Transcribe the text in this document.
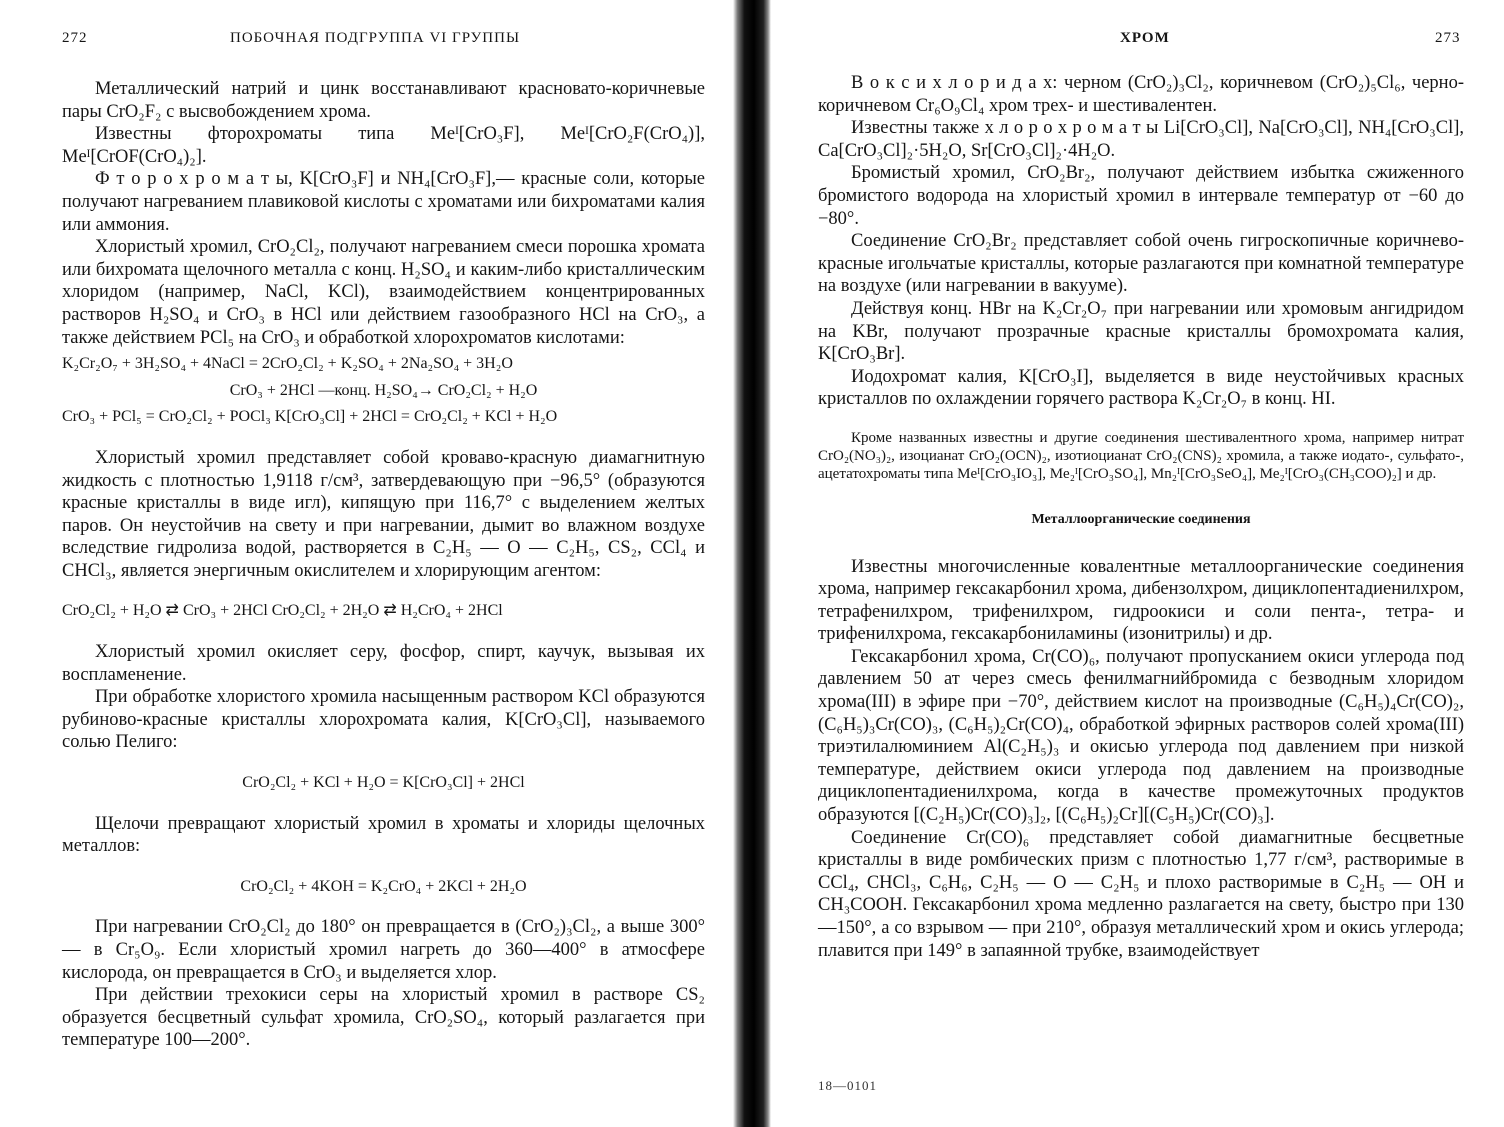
272	ПОБОЧНАЯ ПОДГРУППА VI ГРУППЫ

Металлический натрий и цинк восстанавливают красновато-коричневые пары CrO₂F₂ с высвобождением хрома.

Известны фторохроматы типа Meᴵ[CrO₃F], Meᴵ[CrO₂F(CrO₄)], Meᴵ[CrOF(CrO₄)₂].

Ф т о р о х р о м а т ы, K[CrO₃F] и NH₄[CrO₃F],— красные соли, которые получают нагреванием плавиковой кислоты с хроматами или бихроматами калия или аммония.

Хлористый хромил, CrO₂Cl₂, получают нагреванием смеси порошка хромата или бихромата щелочного металла с конц. H₂SO₄ и каким-либо кристаллическим хлоридом (например, NaCl, KCl), взаимодействием концентрированных растворов H₂SO₄ и CrO₃ в HCl или действием газообразного HCl на CrO₃, а также действием PCl₅ на CrO₃ и обработкой хлорохроматов кислотами:

K₂Cr₂O₇ + 3H₂SO₄ + 4NaCl = 2CrO₂Cl₂ + K₂SO₄ + 2Na₂SO₄ + 3H₂O

CrO₃ + 2HCl —конц. H₂SO₄→ CrO₂Cl₂ + H₂O

CrO₃ + PCl₅ = CrO₂Cl₂ + POCl₃ K[CrO₃Cl] + 2HCl = CrO₂Cl₂ + KCl + H₂O

Хлористый хромил представляет собой кроваво-красную диамагнитную жидкость с плотностью 1,9118 г/см³, затвердевающую при −96,5° (образуются красные кристаллы в виде игл), кипящую при 116,7° с выделением желтых паров. Он неустойчив на свету и при нагревании, дымит во влажном воздухе вследствие гидролиза водой, растворяется в C₂H₅ — O — C₂H₅, CS₂, CCl₄ и CHCl₃, является энергичным окислителем и хлорирующим агентом:

CrO₂Cl₂ + H₂O ⇄ CrO₃ + 2HCl CrO₂Cl₂ + 2H₂O ⇄ H₂CrO₄ + 2HCl

Хлористый хромил окисляет серу, фосфор, спирт, каучук, вызывая их воспламенение.

При обработке хлористого хромила насыщенным раствором KCl образуются рубиново-красные кристаллы хлорохромата калия, K[CrO₃Cl], называемого солью Пелиго:

CrO₂Cl₂ + KCl + H₂O = K[CrO₃Cl] + 2HCl

Щелочи превращают хлористый хромил в хроматы и хлориды щелочных металлов:

CrO₂Cl₂ + 4KOH = K₂CrO₄ + 2KCl + 2H₂O

При нагревании CrO₂Cl₂ до 180° он превращается в (CrO₂)₃Cl₂, а выше 300° — в Cr₅O₉. Если хлористый хромил нагреть до 360—400° в атмосфере кислорода, он превращается в CrO₃ и выделяется хлор.

При действии трехокиси серы на хлористый хромил в растворе CS₂ образуется бесцветный сульфат хромила, CrO₂SO₄, который разлагается при температуре 100—200°.

ХРОМ	273

В о к с и х л о р и д а х: черном (CrO₂)₃Cl₂, коричневом (CrO₂)₅Cl₆, черно-коричневом Cr₆O₉Cl₄ хром трех- и шестивалентен.

Известны также х л о р о х р о м а т ы Li[CrO₃Cl], Na[CrO₃Cl], NH₄[CrO₃Cl], Ca[CrO₃Cl]₂·5H₂O, Sr[CrO₃Cl]₂·4H₂O.

Бромистый хромил, CrO₂Br₂, получают действием избытка сжиженного бромистого водорода на хлористый хромил в интервале температур от −60 до −80°.

Соединение CrO₂Br₂ представляет собой очень гигроскопичные коричнево-красные игольчатые кристаллы, которые разлагаются при комнатной температуре на воздухе (или нагревании в вакууме).

Действуя конц. HBr на K₂Cr₂O₇ при нагревании или хромовым ангидридом на KBr, получают прозрачные красные кристаллы бромохромата калия, K[CrO₃Br].

Иодохромат калия, K[CrO₃I], выделяется в виде неустойчивых красных кристаллов по охлаждении горячего раствора K₂Cr₂O₇ в конц. HI.

Кроме названных известны и другие соединения шестивалентного хрома, например нитрат CrO₂(NO₃)₂, изоцианат CrO₂(OCN)₂, изотиоцианат CrO₂(CNS)₂ хромила, а также иодато-, сульфато-, ацетатохроматы типа Meᴵ[CrO₃IO₃], Me₂ᴵ[CrO₃SO₄], Mn₂ᴵ[CrO₃SeO₄], Me₂ᴵ[CrO₃(CH₃COO)₂] и др.

Металлоорганические соединения

Известны многочисленные ковалентные металлоорганические соединения хрома, например гексакарбонил хрома, дибензолхром, дициклопентадиенилхром, тетрафенилхром, трифенилхром, гидроокиси и соли пента-, тетра- и трифенилхрома, гексакарбониламины (изонитрилы) и др.

Гексакарбонил хрома, Cr(CO)₆, получают пропусканием окиси углерода под давлением 50 ат через смесь фенилмагнийбромида с безводным хлоридом хрома(III) в эфире при −70°, действием кислот на производные (C₆H₅)₄Cr(CO)₂, (C₆H₅)₃Cr(CO)₃, (C₆H₅)₂Cr(CO)₄, обработкой эфирных растворов солей хрома(III) триэтилалюминием Al(C₂H₅)₃ и окисью углерода под давлением при низкой температуре, действием окиси углерода под давлением на производные дициклопентадиенилхрома, когда в качестве промежуточных продуктов образуются [(C₂H₅)Cr(CO)₃]₂, [(C₆H₅)₂Cr][(C₅H₅)Cr(CO)₃].

Соединение Cr(CO)₆ представляет собой диамагнитные бесцветные кристаллы в виде ромбических призм с плотностью 1,77 г/см³, растворимые в CCl₄, CHCl₃, C₆H₆, C₂H₅ — O — C₂H₅ и плохо растворимые в C₂H₅ — OH и CH₃COOH. Гексакарбонил хрома медленно разлагается на свету, быстро при 130—150°, а со взрывом — при 210°, образуя металлический хром и окись углерода; плавится при 149° в запаянной трубке, взаимодействует

18—0101
